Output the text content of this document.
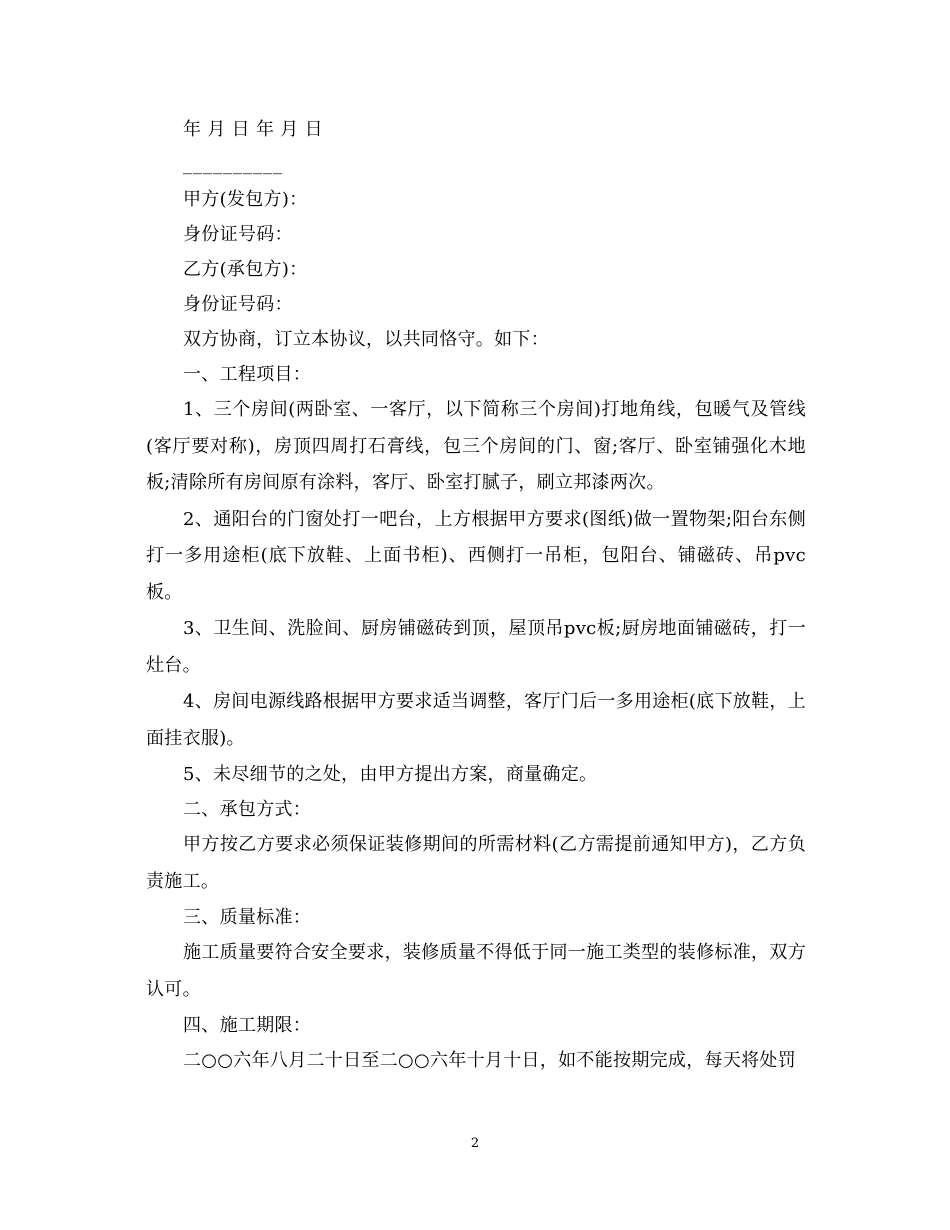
年 月 日 年 月 日

__________

甲方(发包方)：

身份证号码：

乙方(承包方)：

身份证号码：

双方协商，订立本协议，以共同恪守。如下：

一、工程项目：

1、三个房间(两卧室、一客厅，以下简称三个房间)打地角线，包暖气及管线(客厅要对称)，房顶四周打石膏线，包三个房间的门、窗;客厅、卧室铺强化木地板;清除所有房间原有涂料，客厅、卧室打腻子，刷立邦漆两次。

2、通阳台的门窗处打一吧台，上方根据甲方要求(图纸)做一置物架;阳台东侧打一多用途柜(底下放鞋、上面书柜)、西侧打一吊柜，包阳台、铺磁砖、吊pvc板。

3、卫生间、洗脸间、厨房铺磁砖到顶，屋顶吊pvc板;厨房地面铺磁砖，打一灶台。

4、房间电源线路根据甲方要求适当调整，客厅门后一多用途柜(底下放鞋，上面挂衣服)。

5、未尽细节的之处，由甲方提出方案，商量确定。

二、承包方式：

甲方按乙方要求必须保证装修期间的所需材料(乙方需提前通知甲方)，乙方负责施工。

三、质量标准：

施工质量要符合安全要求，装修质量不得低于同一施工类型的装修标准，双方认可。

四、施工期限：

二○○六年八月二十日至二○○六年十月十日，如不能按期完成，每天将处罚

2
